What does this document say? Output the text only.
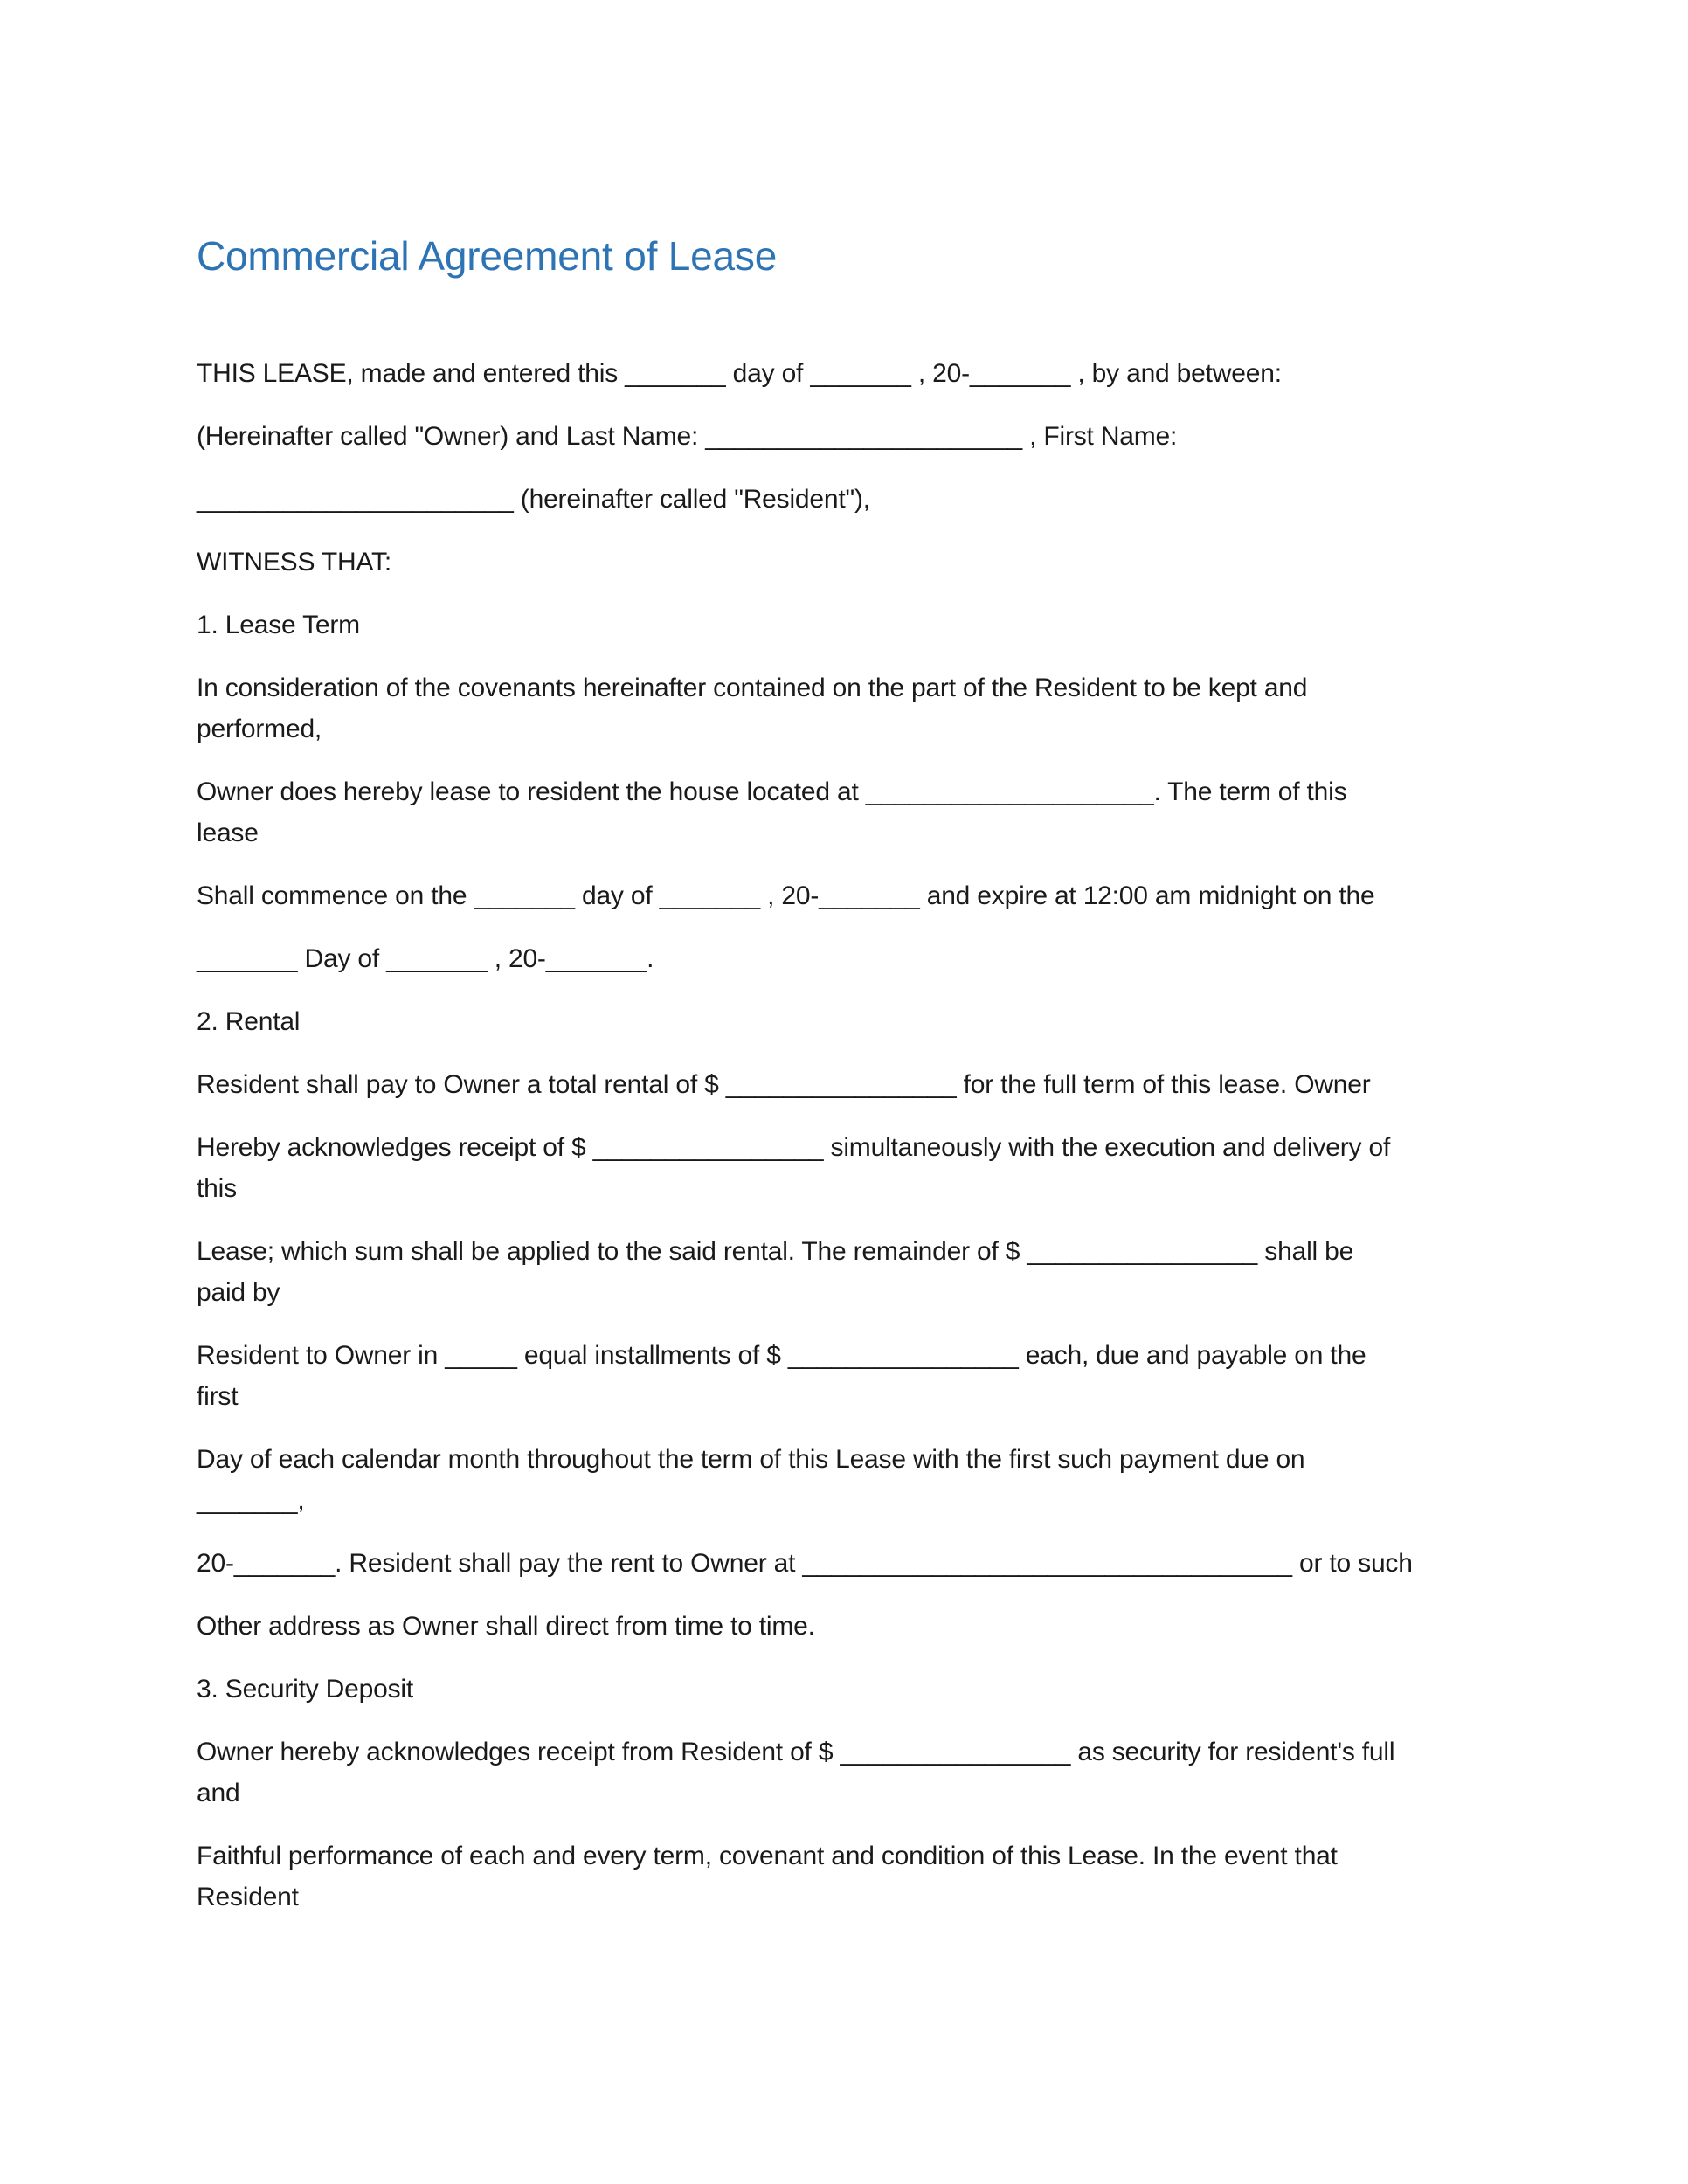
Commercial Agreement of Lease
THIS LEASE, made and entered this _______ day of _______ , 20-_______ , by and between:
(Hereinafter called "Owner) and Last Name: ______________________ , First Name:
______________________ (hereinafter called "Resident"),
WITNESS THAT:
1. Lease Term
In consideration of the covenants hereinafter contained on the part of the Resident to be kept and
performed,
Owner does hereby lease to resident the house located at ____________________. The term of this
lease
Shall commence on the _______ day of _______ , 20-_______ and expire at 12:00 am midnight on the
_______ Day of _______ , 20-_______.
2. Rental
Resident shall pay to Owner a total rental of $ ________________ for the full term of this lease. Owner
Hereby acknowledges receipt of $ ________________ simultaneously with the execution and delivery of
this
Lease; which sum shall be applied to the said rental. The remainder of $ ________________ shall be
paid by
Resident to Owner in _____ equal installments of $ ________________ each, due and payable on the
first
Day of each calendar month throughout the term of this Lease with the first such payment due on
_______,
20-_______. Resident shall pay the rent to Owner at __________________________________ or to such
Other address as Owner shall direct from time to time.
3. Security Deposit
Owner hereby acknowledges receipt from Resident of $ ________________ as security for resident's full
and
Faithful performance of each and every term, covenant and condition of this Lease. In the event that
Resident
